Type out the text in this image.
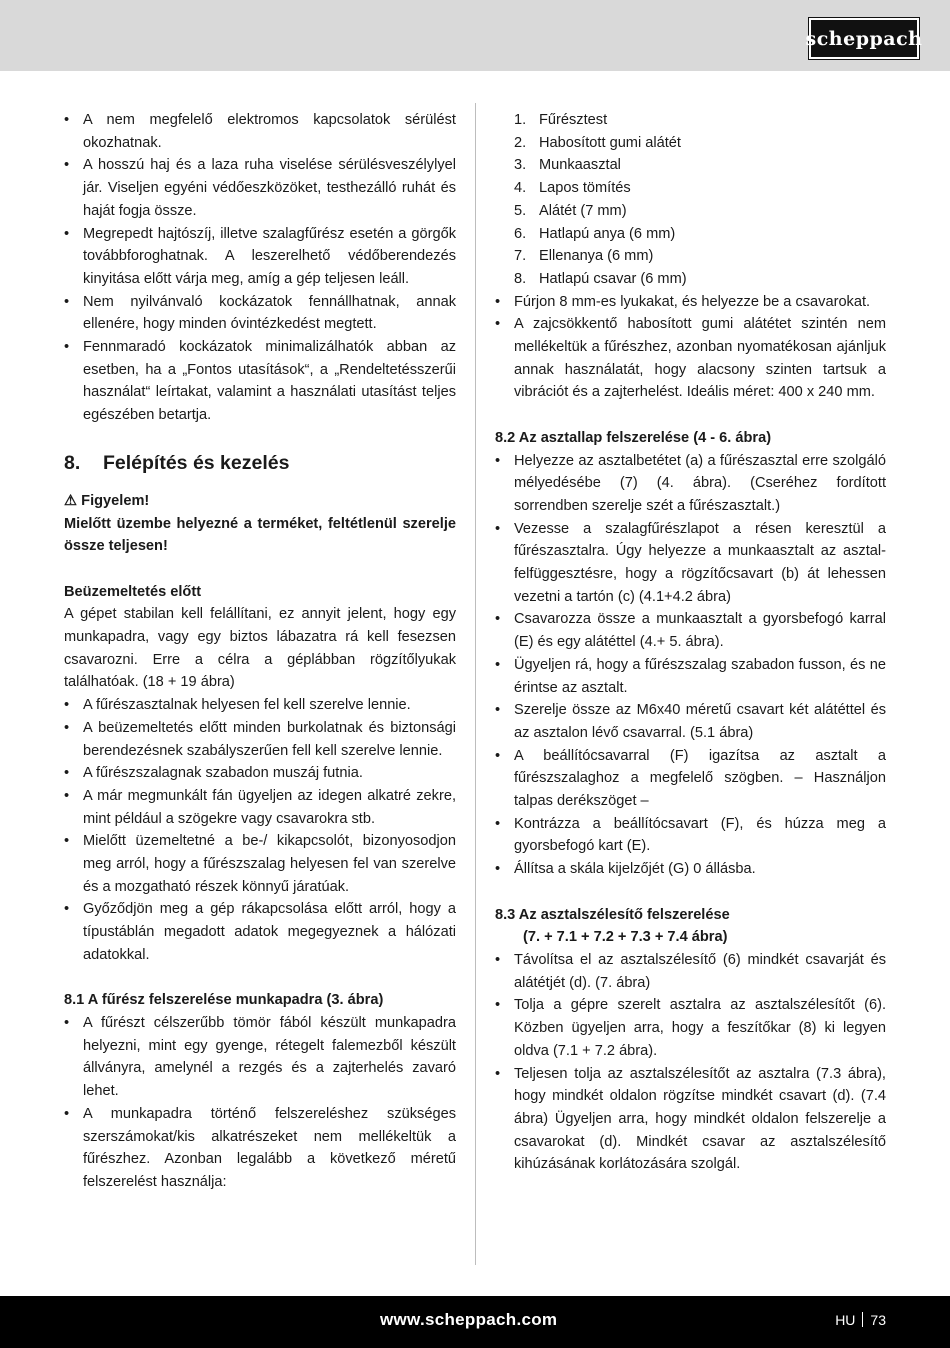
scheppach
• A nem megfelelő elektromos kapcsolatok sérülést okozhatnak.
• A hosszú haj és a laza ruha viselése sérülésveszélylyel jár. Viseljen egyéni védőeszközöket, testhezálló ruhát és haját fogja össze.
• Megrepedt hajtószíj, illetve szalagfűrész esetén a görgők továbbforoghatnak. A leszerelhető védőberendezés kinyitása előtt várja meg, amíg a gép teljesen leáll.
• Nem nyilvánvaló kockázatok fennállhatnak, annak ellenére, hogy minden óvintézkedést megtett.
• Fennmaradó kockázatok minimalizálhatók abban az esetben, ha a „Fontos utasítások“, a „Rendeltetésszerűi használat“ leírtakat, valamint a használati utasítást teljes egészében betartja.
8. Felépítés és kezelés
⚠ Figyelem!

Mielőtt üzembe helyezné a terméket, feltétlenül szerelje össze teljesen!

Beüzemeltetés előtt

A gépet stabilan kell felállítani, ez annyit jelent, hogy egy munkapadra, vagy egy biztos lábazatra rá kell fesezsen csavarozni. Erre a célra a géplábban rögzítőlyukak találhatóak. (18 + 19 ábra)

• A fűrészasztalnak helyesen fel kell szerelve lennie.
• A beüzemeltetés előtt minden burkolatnak és biztonsági berendezésnek szabályszerűen fell kell szerelve lennie.
• A fűrészszalagnak szabadon muszáj futnia.
• A már megmunkált fán ügyeljen az idegen alkatré zekre, mint például a szögekre vagy csavarokra stb.
• Mielőtt üzemeltetné a be-/ kikapcsolót, bizonyosodjon meg arról, hogy a fűrészszalag helyesen fel van szerelve és a mozgatható részek könnyű járatúak.
• Győződjön meg a gép rákapcsolása előtt arról, hogy a típustáblán megadott adatok megegyeznek a hálózati adatokkal.
8.1 A fűrész felszerelése munkapadra (3. ábra)
• A fűrészt célszerűbb tömör fából készült munkapadra helyezni, mint egy gyenge, rétegelt falemezből készült állványra, amelynél a rezgés és a zajterhelés zavaró lehet.
• A munkapadra történő felszereléshez szükséges szerszámokat/kis alkatrészeket nem mellékeltük a fűrészhez. Azonban legalább a következő méretű felszerelést használja:
1. Fűrésztest
2. Habosított gumi alátét
3. Munkaasztal
4. Lapos tömítés
5. Alátét (7 mm)
6. Hatlapú anya (6 mm)
7. Ellenanya (6 mm)
8. Hatlapú csavar (6 mm)
• Fúrjon 8 mm-es lyukakat, és helyezze be a csavarokat.
• A zajcsökkentő habosított gumi alátétet szintén nem mellékeltük a fűrészhez, azonban nyomatékosan ajánljuk annak használatát, hogy alacsony szinten tartsuk a vibrációt és a zajterhelést. Ideális méret: 400 x 240 mm.
8.2 Az asztallap felszerelése (4 - 6. ábra)
• Helyezze az asztalbetétet (a) a fűrészasztal erre szolgáló mélyedésébe (7) (4. ábra). (Cseréhez fordított sorrendben szerelje szét a fűrészasztalt.)
• Vezesse a szalagfűrészlapot a résen keresztül a fűrészasztalra. Úgy helyezze a munkaasztalt az asztal-felfüggesztésre, hogy a rögzítőcsavart (b) át lehessen vezetni a tartón (c) (4.1+4.2 ábra)
• Csavarozza össze a munkaasztalt a gyorsbefogó karral (E) és egy alátéttel (4.+ 5. ábra).
• Ügyeljen rá, hogy a fűrészszalag szabadon fusson, és ne érintse az asztalt.
• Szerelje össze az M6x40 méretű csavart két alátéttel és az asztalon lévő csavarral. (5.1 ábra)
• A beállítócsavarral (F) igazítsa az asztalt a fűrészszalaghoz a megfelelő szögben. – Használjon talpas derékszöget –
• Kontrázza a beállítócsavart (F), és húzza meg a gyorsbefogó kart (E).
• Állítsa a skála kijelzőjét (G) 0 állásba.
8.3 Az asztalszélesítő felszerelése
(7. + 7.1 + 7.2 + 7.3 + 7.4 ábra)
• Távolítsa el az asztalszélesítő (6) mindkét csavarját és alátétjét (d). (7. ábra)
• Tolja a gépre szerelt asztalra az asztalszélesítőt (6). Közben ügyeljen arra, hogy a feszítőkar (8) ki legyen oldva (7.1 + 7.2 ábra).
• Teljesen tolja az asztalszélesítőt az asztalra (7.3 ábra), hogy mindkét oldalon rögzítse mindkét csavart (d). (7.4 ábra) Ügyeljen arra, hogy mindkét oldalon felszerelje a csavarokat (d). Mindkét csavar az asztalszélesítő kihúzásának korlátozására szolgál.
www.scheppach.com	HU 73
